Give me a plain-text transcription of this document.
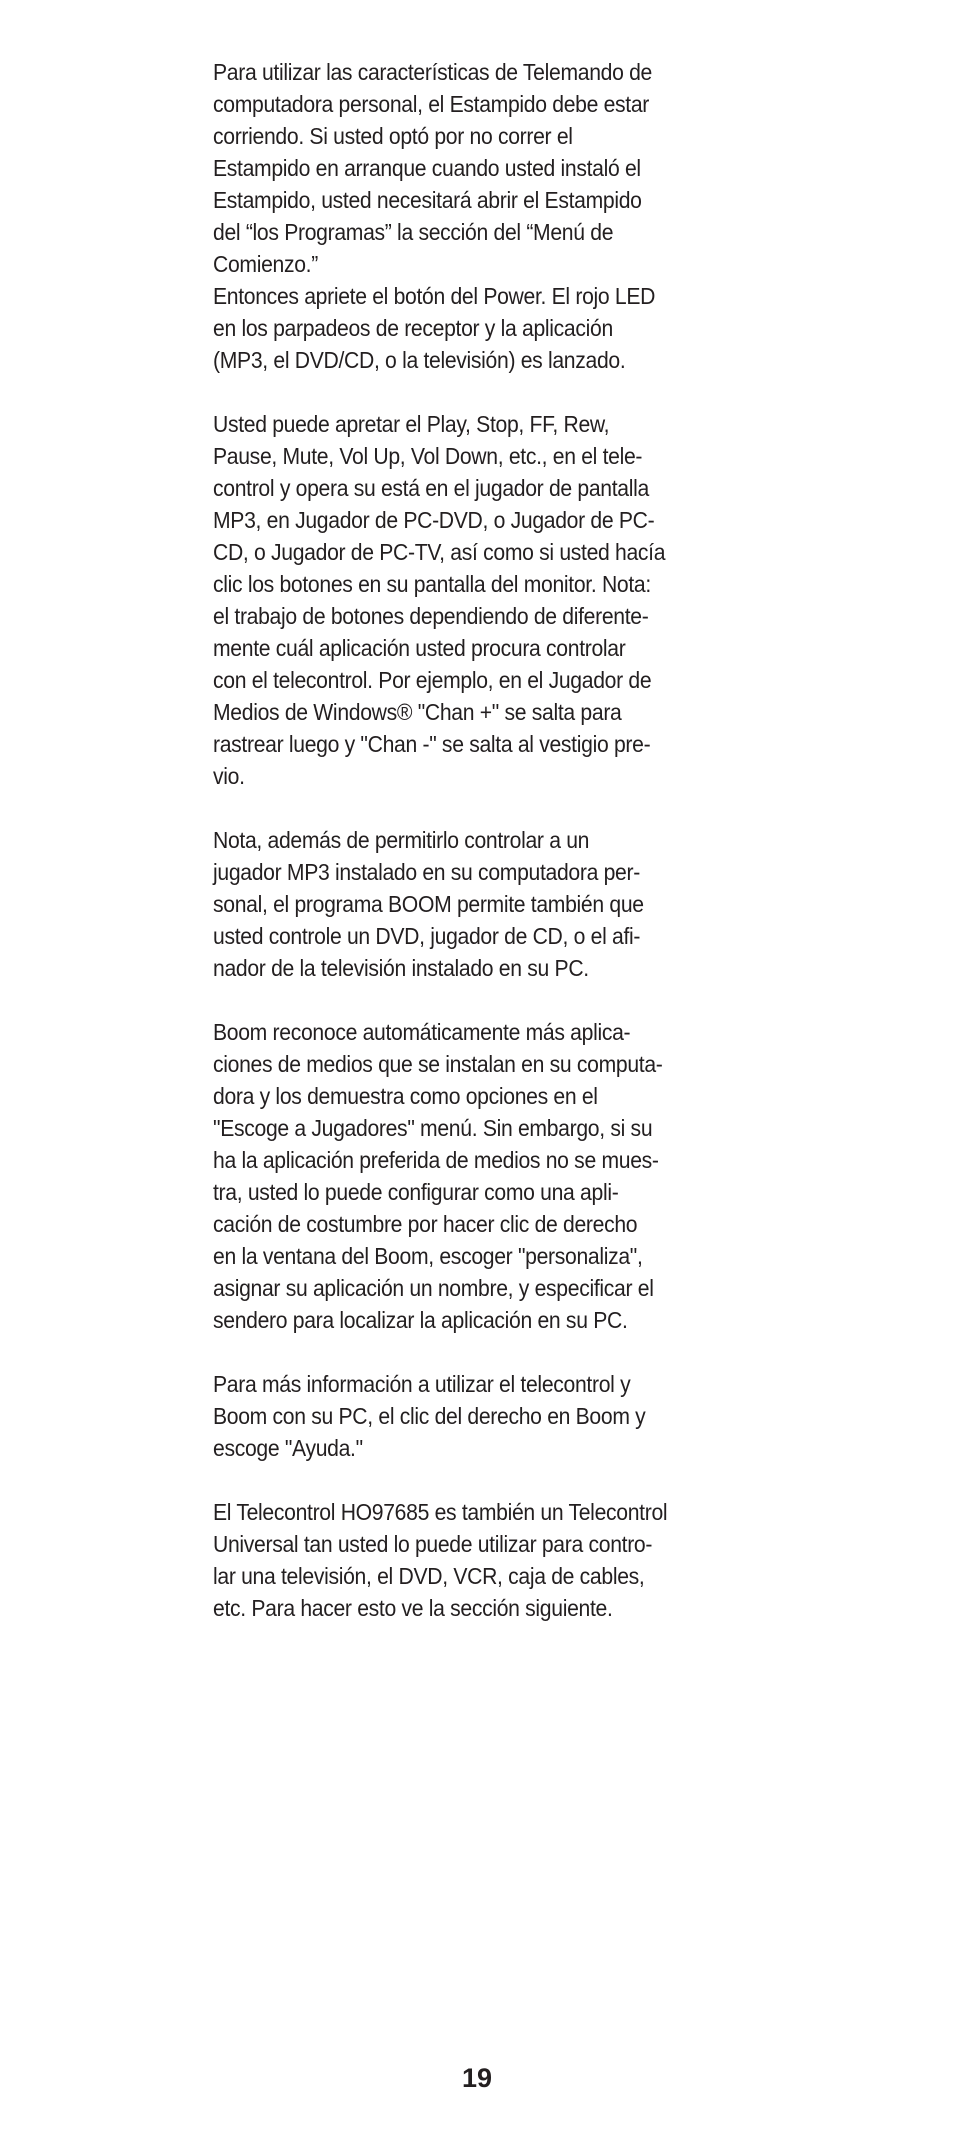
Para utilizar las características de Telemando de
computadora personal, el Estampido debe estar
corriendo. Si usted optó por no correr el
Estampido en arranque cuando usted instaló el
Estampido, usted necesitará abrir el Estampido
del “los Programas” la sección del “Menú de
Comienzo.”

Entonces apriete el botón del Power. El rojo LED
en los parpadeos de receptor y la aplicación
(MP3, el DVD/CD, o la televisión) es lanzado.

Usted puede apretar el Play, Stop, FF, Rew,
Pause, Mute, Vol Up, Vol Down, etc., en el tele-
control y opera su está en el jugador de pantalla
MP3, en Jugador de PC-DVD, o Jugador de PC-
CD, o Jugador de PC-TV, así como si usted hacía
clic los botones en su pantalla del monitor. Nota:
el trabajo de botones dependiendo de diferente-
mente cuál aplicación usted procura controlar
con el telecontrol. Por ejemplo, en el Jugador de
Medios de Windows® "Chan +" se salta para
rastrear luego y "Chan -" se salta al vestigio pre-
vio.

Nota, además de permitirlo controlar a un
jugador MP3 instalado en su computadora per-
sonal, el programa BOOM permite también que
usted controle un DVD, jugador de CD, o el afi-
nador de la televisión instalado en su PC.

Boom reconoce automáticamente más aplica-
ciones de medios que se instalan en su computa-
dora y los demuestra como opciones en el
"Escoge a Jugadores" menú. Sin embargo, si su
ha la aplicación preferida de medios no se mues-
tra, usted lo puede configurar como una apli-
cación de costumbre por hacer clic de derecho
en la ventana del Boom, escoger "personaliza",
asignar su aplicación un nombre, y especificar el
sendero para localizar la aplicación en su PC.

Para más información a utilizar el telecontrol y
Boom con su PC, el clic del derecho en Boom y
escoge "Ayuda."

El Telecontrol HO97685 es también un Telecontrol
Universal tan usted lo puede utilizar para contro-
lar una televisión, el DVD, VCR, caja de cables,
etc. Para hacer esto ve la sección siguiente.

19
